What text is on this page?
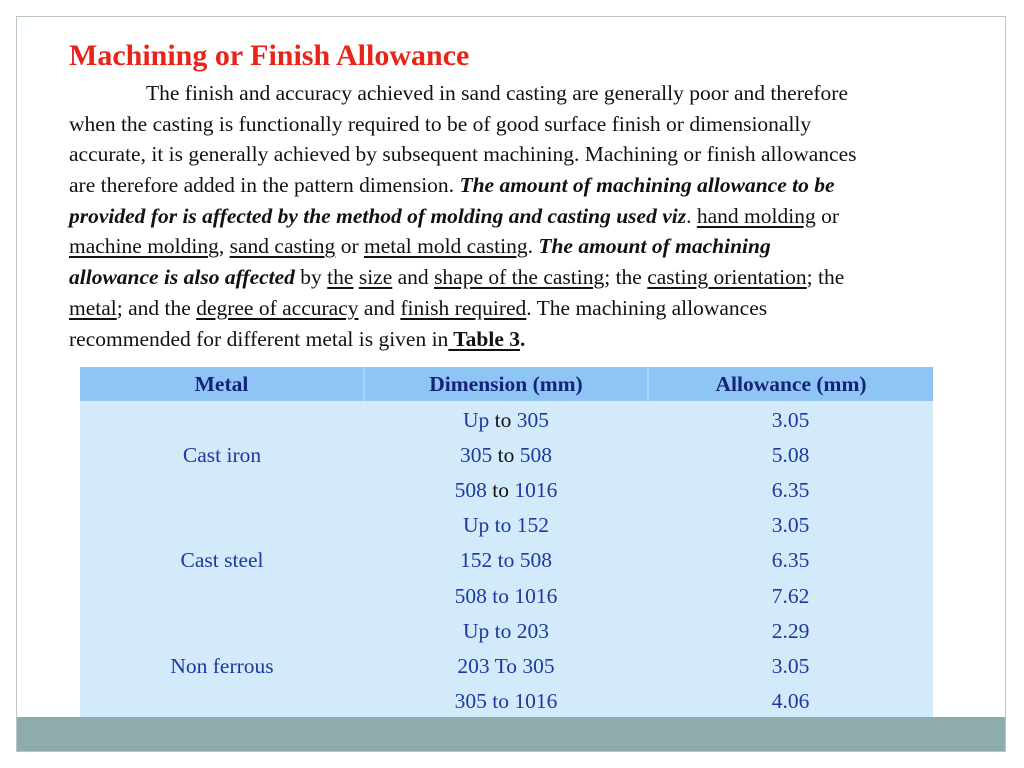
Machining or Finish Allowance
The finish and accuracy achieved in sand casting are generally poor and therefore
when the casting is functionally required to be of good surface finish or dimensionally
accurate, it is generally achieved by subsequent machining. Machining or finish allowances
are therefore added in the pattern dimension. The amount of machining allowance to be
provided for is affected by the method of molding and casting used viz. hand molding or
machine molding, sand casting or metal mold casting. The amount of machining
allowance is also affected by the size and shape of the casting; the casting orientation; the
metal; and the degree of accuracy and finish required. The machining allowances
recommended for different metal is given in Table 3.
Metal	Dimension (mm)	Allowance (mm)
Cast iron	Up to 305	3.05
	305 to 508	5.08
	508 to 1016	6.35
Cast steel	Up to 152	3.05
	152 to 508	6.35
	508 to 1016	7.62
Non ferrous	Up to 203	2.29
	203 To 305	3.05
	305 to 1016	4.06
